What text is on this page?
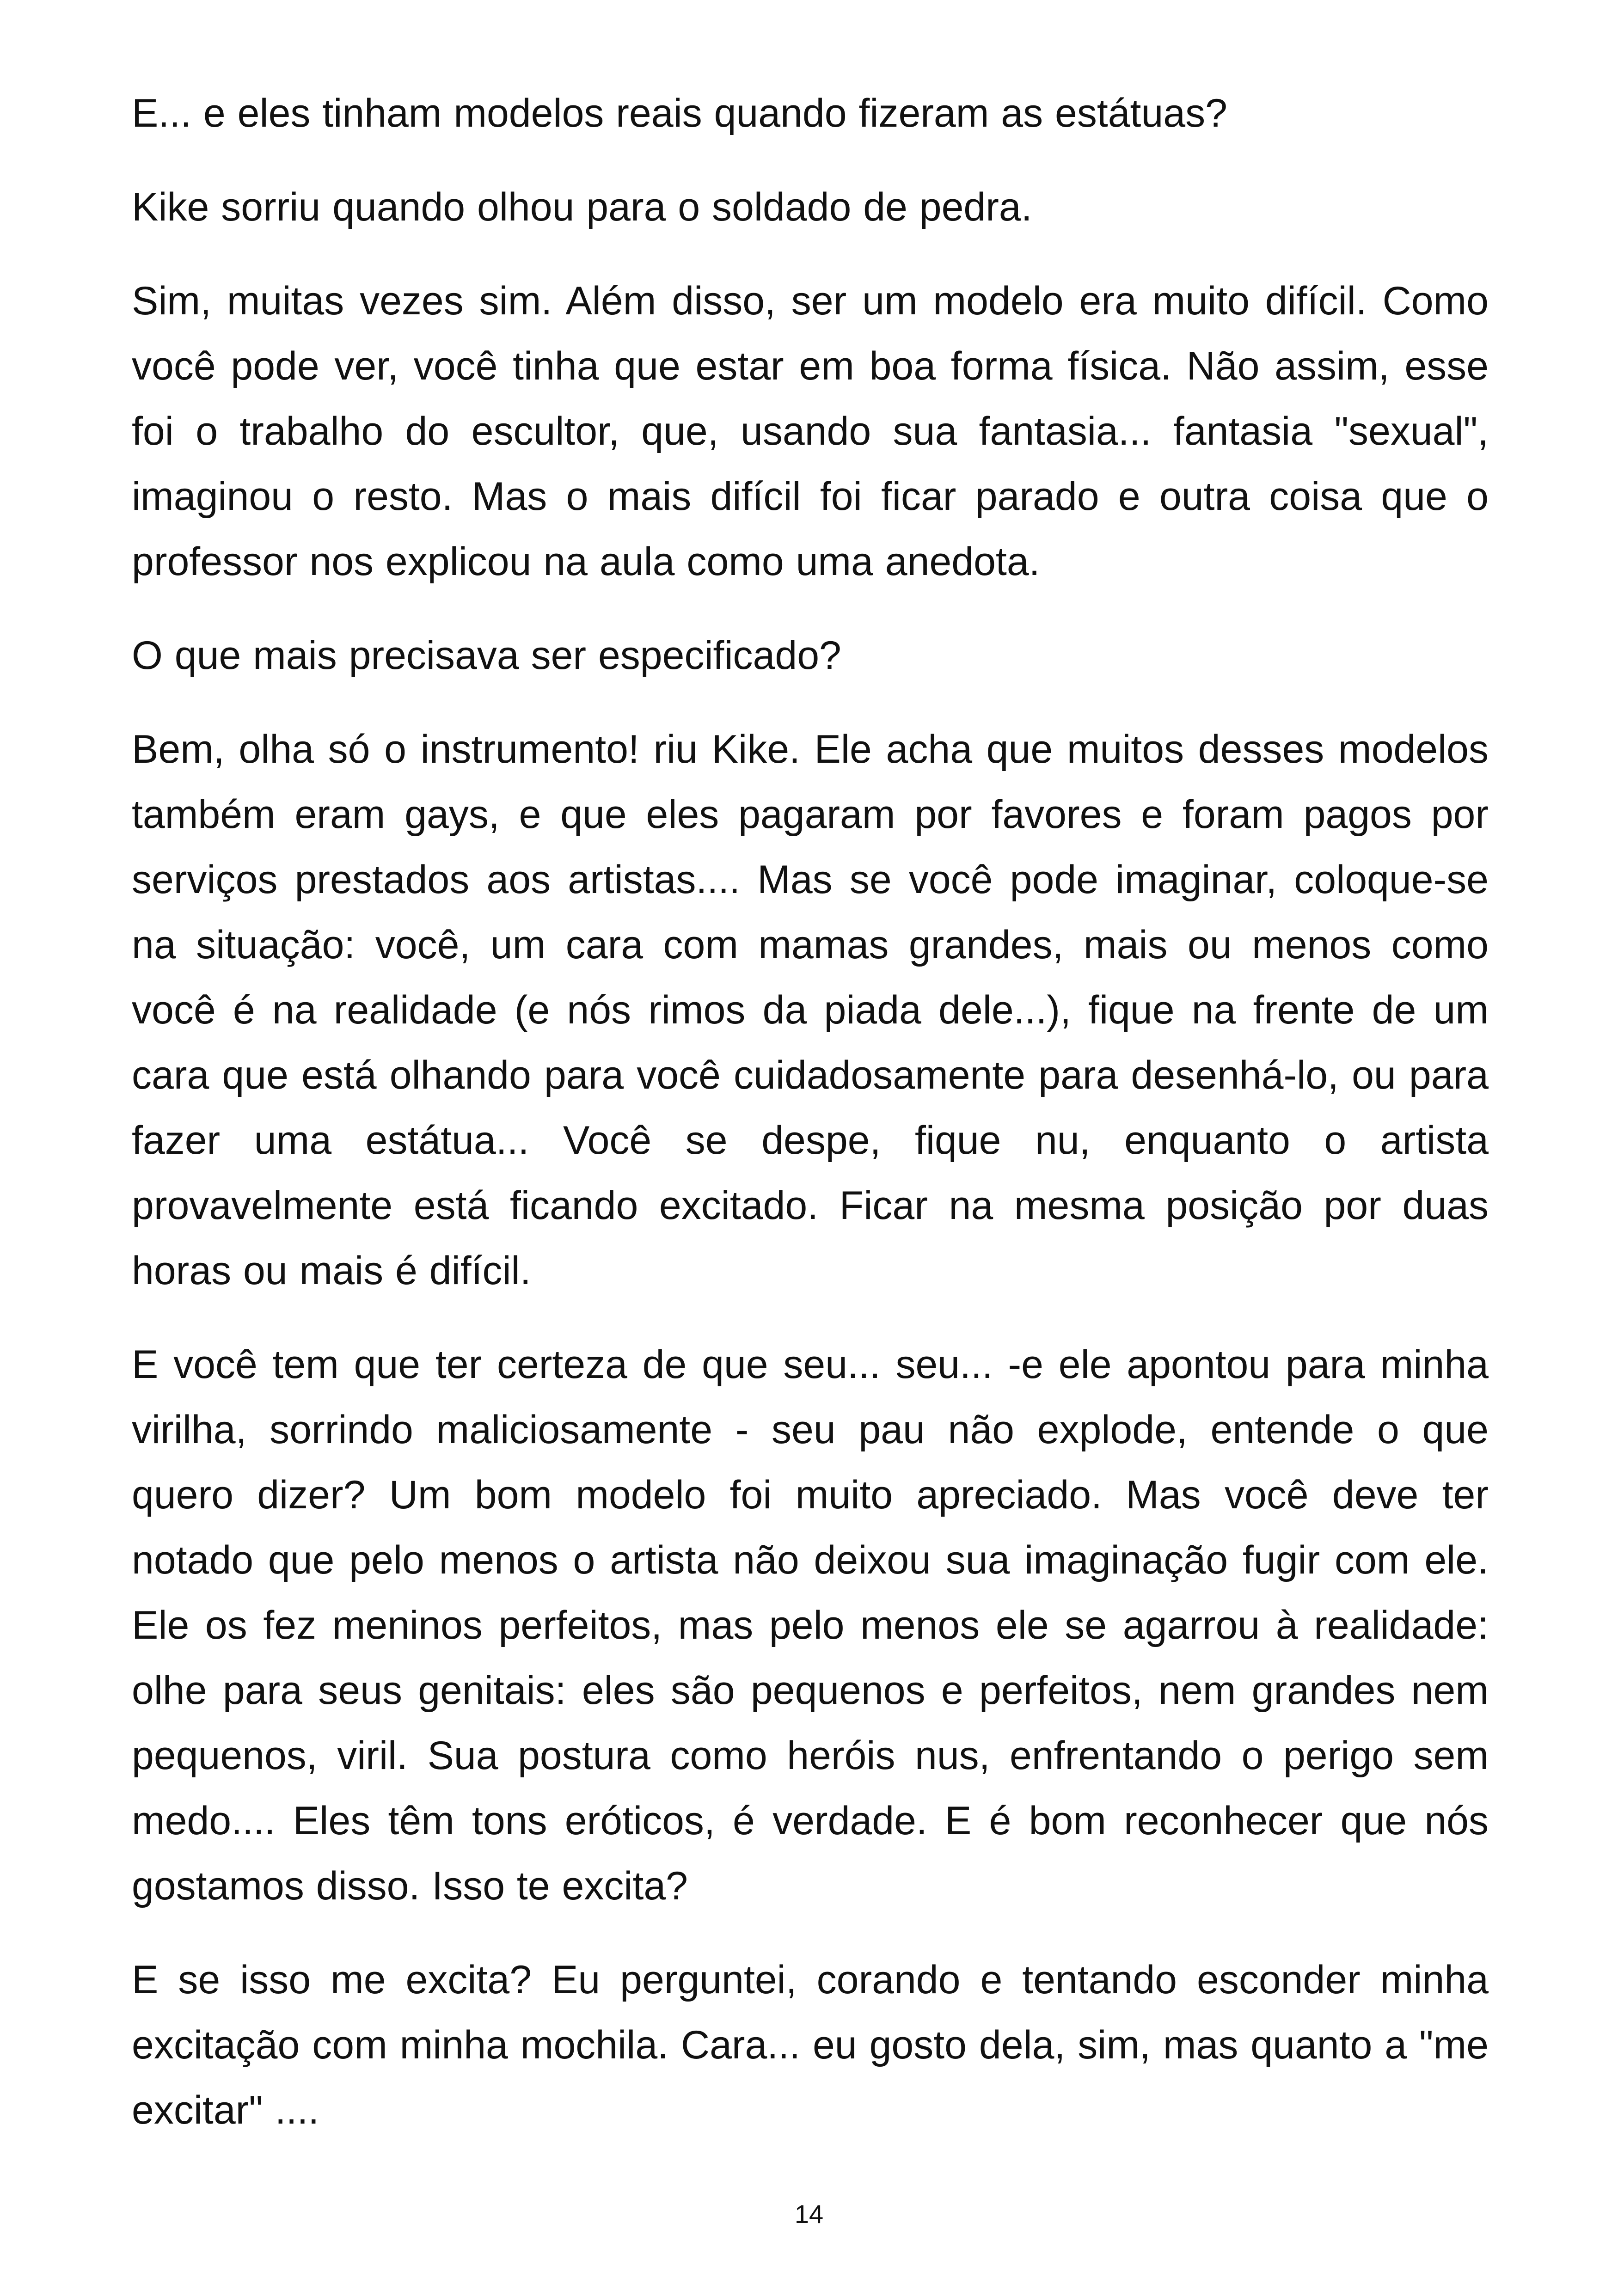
E... e eles tinham modelos reais quando fizeram as estátuas?

Kike sorriu quando olhou para o soldado de pedra.

Sim, muitas vezes sim. Além disso, ser um modelo era muito difícil. Como você pode ver, você tinha que estar em boa forma física. Não assim, esse foi o trabalho do escultor, que, usando sua fantasia... fantasia "sexual", imaginou o resto. Mas o mais difícil foi ficar parado e outra coisa que o professor nos explicou na aula como uma anedota.

O que mais precisava ser especificado?

Bem, olha só o instrumento! riu Kike. Ele acha que muitos desses modelos também eram gays, e que eles pagaram por favores e foram pagos por serviços prestados aos artistas.... Mas se você pode imaginar, coloque-se na situação: você, um cara com mamas grandes, mais ou menos como você é na realidade (e nós rimos da piada dele...), fique na frente de um cara que está olhando para você cuidadosamente para desenhá-lo, ou para fazer uma estátua... Você se despe, fique nu, enquanto o artista provavelmente está ficando excitado. Ficar na mesma posição por duas horas ou mais é difícil.

E você tem que ter certeza de que seu... seu... -e ele apontou para minha virilha, sorrindo maliciosamente - seu pau não explode, entende o que quero dizer? Um bom modelo foi muito apreciado. Mas você deve ter notado que pelo menos o artista não deixou sua imaginação fugir com ele. Ele os fez meninos perfeitos, mas pelo menos ele se agarrou à realidade: olhe para seus genitais: eles são pequenos e perfeitos, nem grandes nem pequenos, viril. Sua postura como heróis nus, enfrentando o perigo sem medo.... Eles têm tons eróticos, é verdade. E é bom reconhecer que nós gostamos disso. Isso te excita?

E se isso me excita? Eu perguntei, corando e tentando esconder minha excitação com minha mochila. Cara... eu gosto dela, sim, mas quanto a "me excitar" ....

14
